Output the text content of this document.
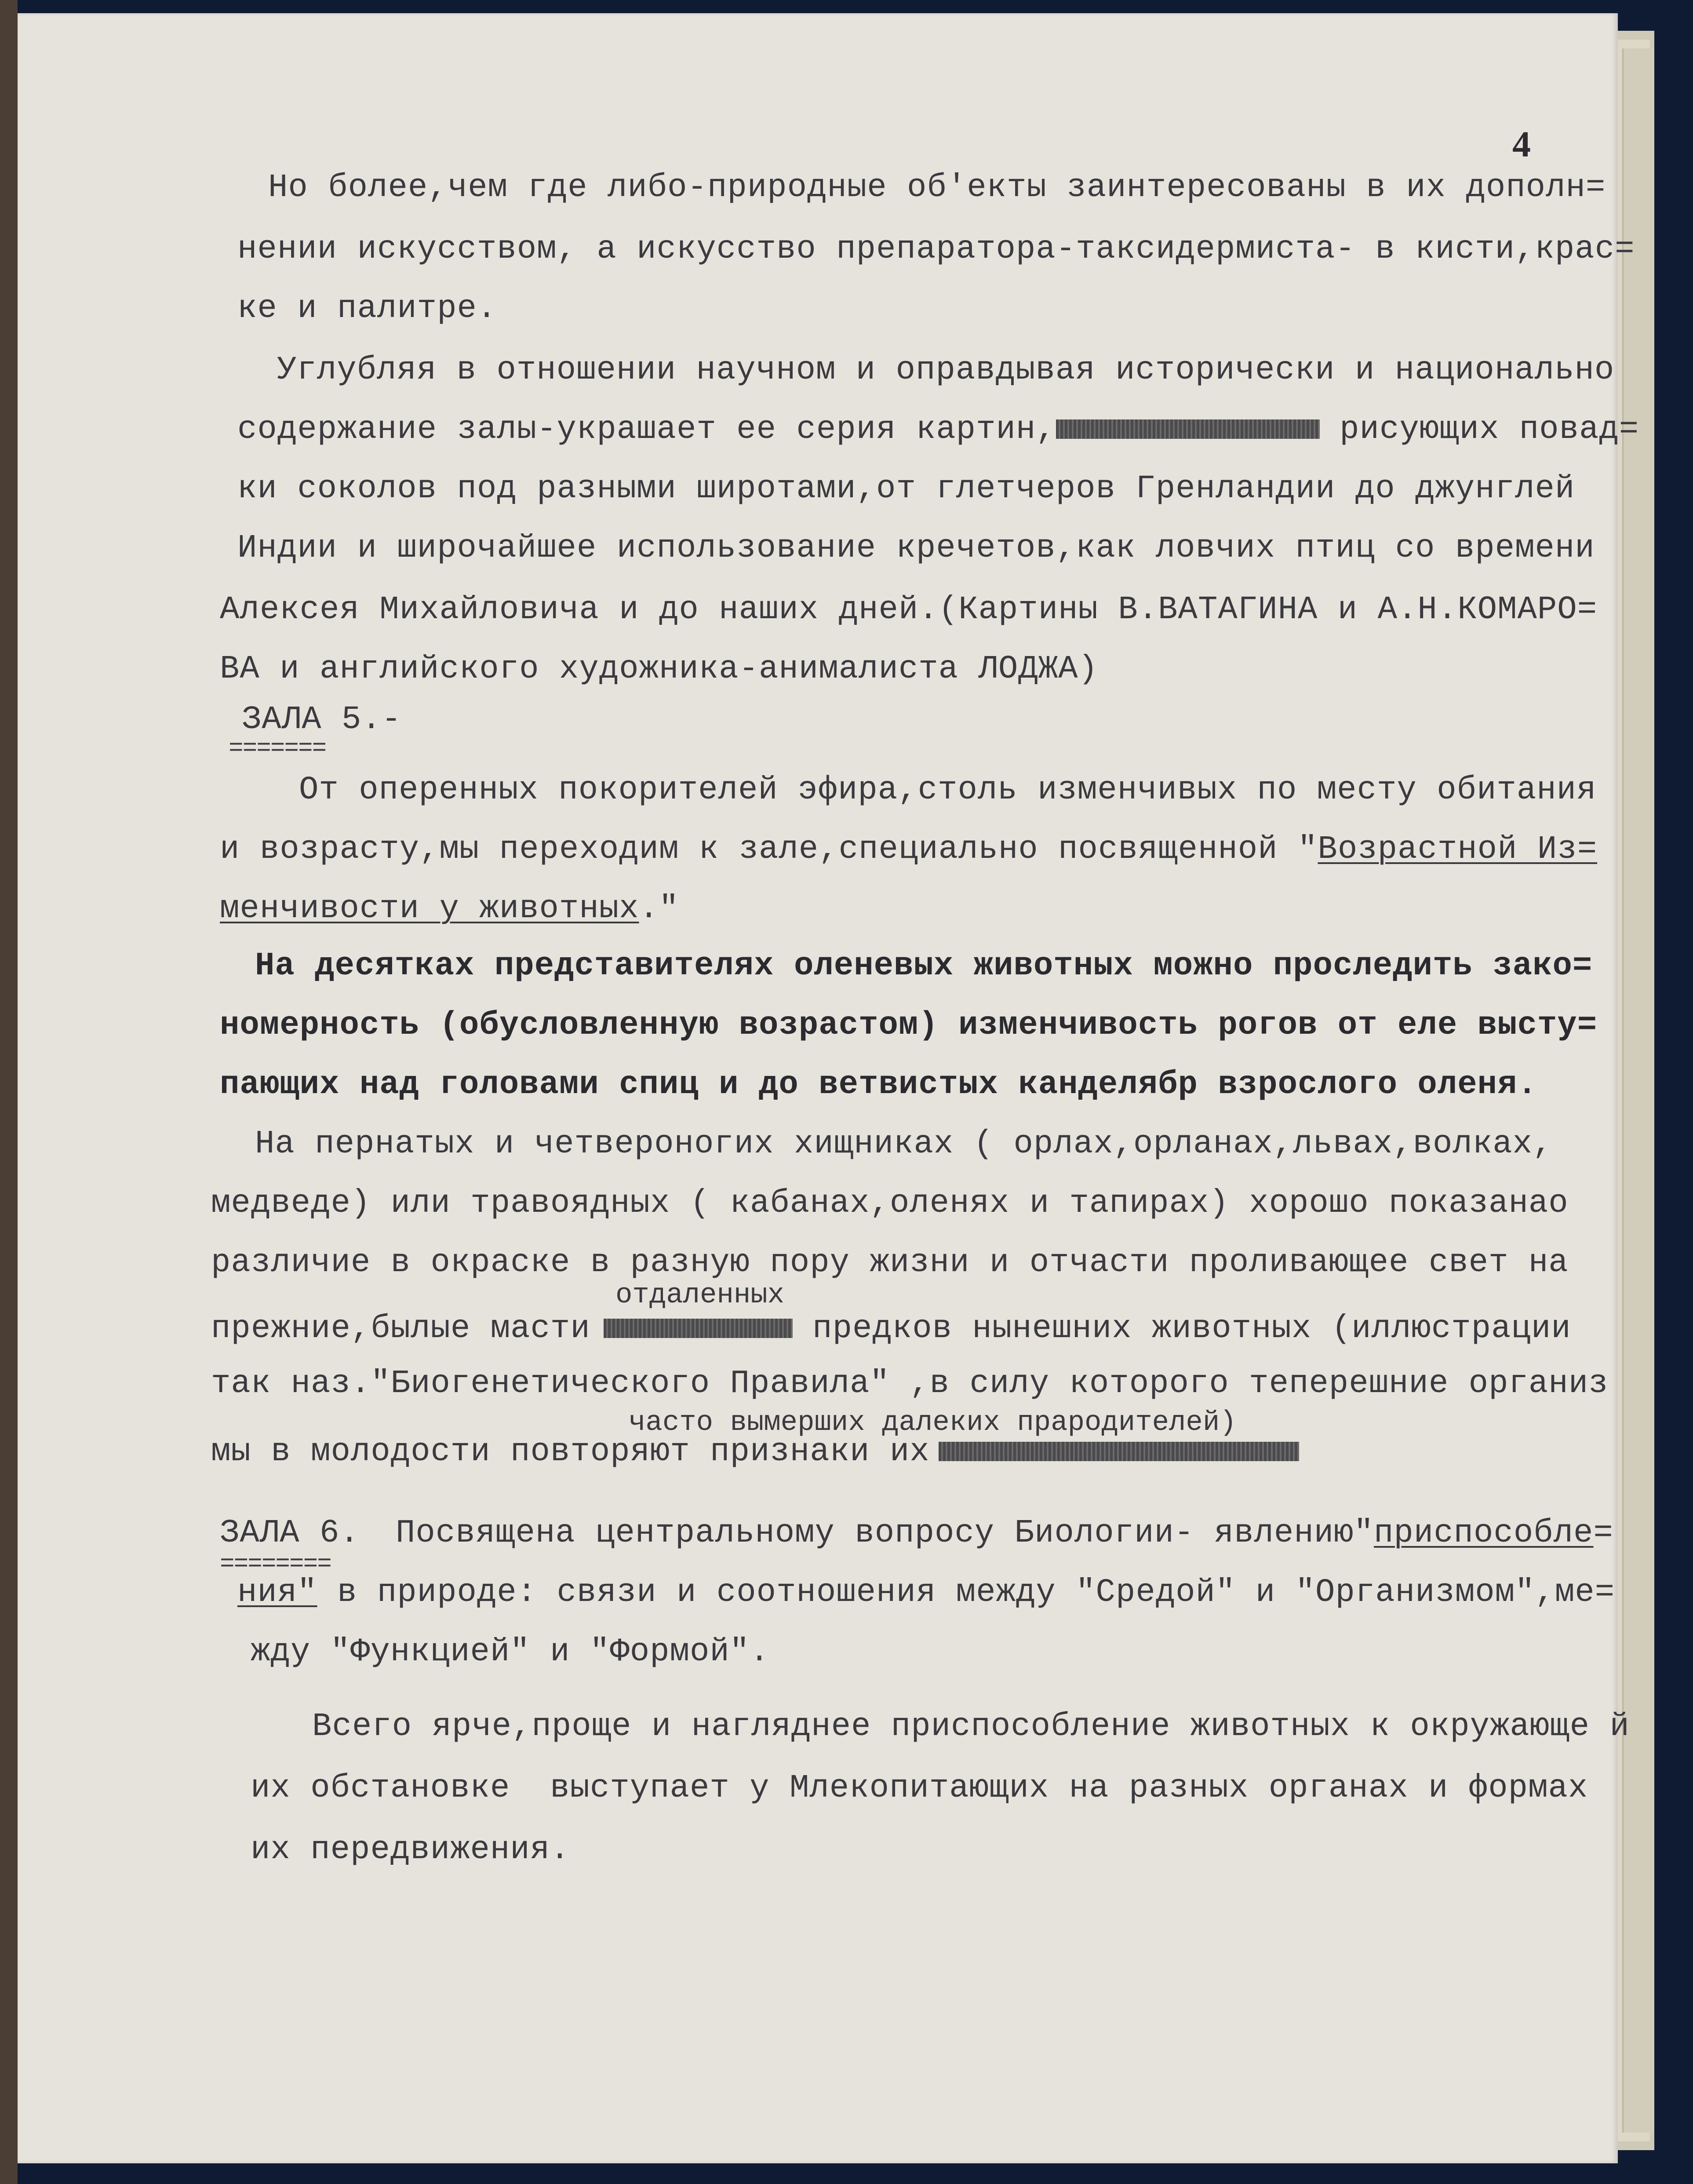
4
Но более,чем где либо-природные об'екты заинтересованы в их дополн=
нении искусством, а искусство препаратора-таксидермиста- в кисти,крас=
ке и палитре.
Углубляя в отношении научном и оправдывая исторически и национально
содержание залы-украшает ее серия картин,	рисующих повад=
ки соколов под разными широтами,от глетчеров Гренландии до джунглей
Индии и широчайшее использование кречетов,как ловчих птиц со времени
Алексея Михайловича и до наших дней.(Картины В.ВАТАГИНА и А.Н.КОМАРО=
ВА и английского художника-анималиста ЛОДЖА)
ЗАЛА 5.-
=======
От оперенных покорителей эфира,столь изменчивых по месту обитания
и возрасту,мы переходим к зале,специально посвященной "Возрастной Из=
менчивости у животных."
На десятках представителях оленевых животных можно проследить зако=
номерность (обусловленную возрастом) изменчивость рогов от еле высту=
пающих над головами спиц и до ветвистых канделябр взрослого оленя.
На пернатых и четвероногих хищниках ( орлах,орланах,львах,волках,
медведе) или травоядных ( кабанах,оленях и тапирах) хорошо показанао
различие в окраске в разную пору жизни и отчасти проливающее свет на
отдаленных
прежние,былые масти	предков нынешних животных (иллюстрации
так наз."Биогенетического Правила" ,в силу которого теперешние организ
часто вымерших далеких прародителей)
мы в молодости повторяют признаки их
ЗАЛА 6.
========
Посвящена центральному вопросу Биологии- явлению"приспособле=
ния" в природе: связи и соотношения между "Средой" и "Организмом",ме=
жду "Функцией" и "Формой".
Всего ярче,проще и нагляднее приспособление животных к окружающе й
их обстановке  выступает у Млекопитающих на разных органах и формах
их передвижения.
